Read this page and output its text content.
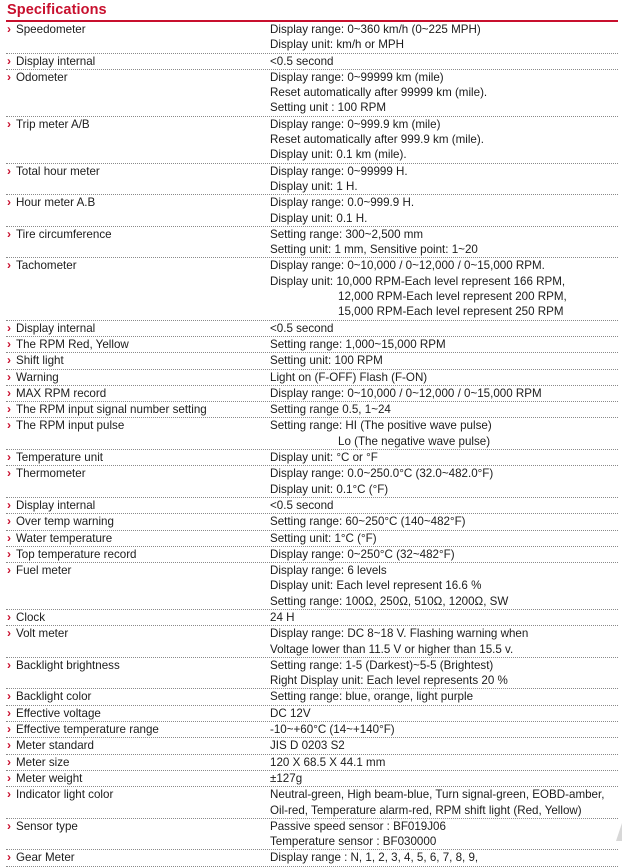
Specifications
› Speedometer	Display range: 0~360 km/h (0~225 MPH)
Display unit: km/h or MPH
› Display internal	<0.5 second
› Odometer	Display range: 0~99999 km (mile)
Reset automatically after 99999 km (mile).
Setting unit : 100 RPM
› Trip meter A/B	Display range: 0~999.9 km (mile)
Reset automatically after 999.9 km (mile).
Display unit: 0.1 km (mile).
› Total hour meter	Display range: 0~99999 H.
Display unit: 1 H.
› Hour meter A.B	Display range: 0.0~999.9 H.
Display unit: 0.1 H.
› Tire circumference	Setting range: 300~2,500 mm
Setting unit: 1 mm, Sensitive point: 1~20
› Tachometer	Display range: 0~10,000 / 0~12,000 / 0~15,000 RPM.
Display unit: 10,000 RPM-Each level represent 166 RPM,
12,000 RPM-Each level represent 200 RPM,
15,000 RPM-Each level represent 250 RPM
› Display internal	<0.5 second
› The RPM Red, Yellow	Setting range: 1,000~15,000 RPM
› Shift light	Setting unit: 100 RPM
› Warning	Light on (F-OFF) Flash (F-ON)
› MAX RPM record	Display range: 0~10,000 / 0~12,000 / 0~15,000 RPM
› The RPM input signal number setting	Setting range 0.5, 1~24
› The RPM input pulse	Setting range: HI (The positive wave pulse)
Lo (The negative wave pulse)
› Temperature unit	Display unit: °C or °F
› Thermometer	Display range: 0.0~250.0°C (32.0~482.0°F)
Display unit: 0.1°C (°F)
› Display internal	<0.5 second
› Over temp warning	Setting range: 60~250°C (140~482°F)
› Water temperature	Setting unit: 1°C (°F)
› Top temperature record	Display range: 0~250°C (32~482°F)
› Fuel meter	Display range: 6 levels
Display unit: Each level represent 16.6 %
Setting range: 100Ω, 250Ω, 510Ω, 1200Ω, SW
› Clock	24 H
› Volt meter	Display range: DC 8~18 V. Flashing warning when
Voltage lower than 11.5 V or higher than 15.5 v.
› Backlight brightness	Setting range: 1-5 (Darkest)~5-5 (Brightest)
Right Display unit: Each level represents 20 %
› Backlight color	Setting range: blue, orange, light purple
› Effective voltage	DC 12V
› Effective temperature range	-10~+60°C (14~+140°F)
› Meter standard	JIS D 0203 S2
› Meter size	120 X 68.5 X 44.1 mm
› Meter weight	±127g
› Indicator light color	Neutral-green, High beam-blue, Turn signal-green, EOBD-amber,
Oil-red, Temperature alarm-red, RPM shift light (Red, Yellow)
› Sensor type	Passive speed sensor : BF019J06
Temperature sensor : BF030000
› Gear Meter	Display range : N, 1, 2, 3, 4, 5, 6, 7, 8, 9,
